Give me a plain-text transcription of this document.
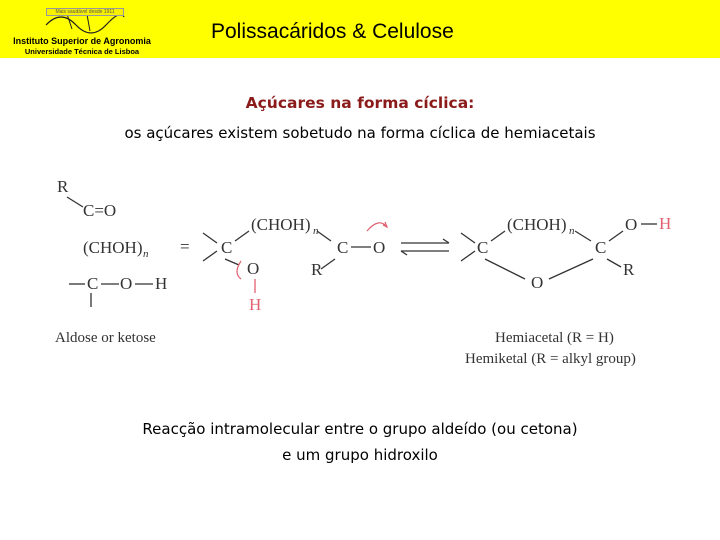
Mais saudável desde 1911
Instituto Superior de Agronomia
Universidade Técnica de Lisboa
Polissacáridos & Celulose
Açúcares na forma cíclica:
os açúcares existem sobetudo na forma cíclica de hemiacetais
R
C=O
(CHOH) n
C O H
= C
(CHOH) n
C O
R
O
H
C
(CHOH) n
C
O H
R
O
Aldose or ketose	Hemiacetal (R = H)
Hemiketal (R = alkyl group)
Reacção intramolecular entre o grupo aldeído (ou cetona)
e um grupo hidroxilo
